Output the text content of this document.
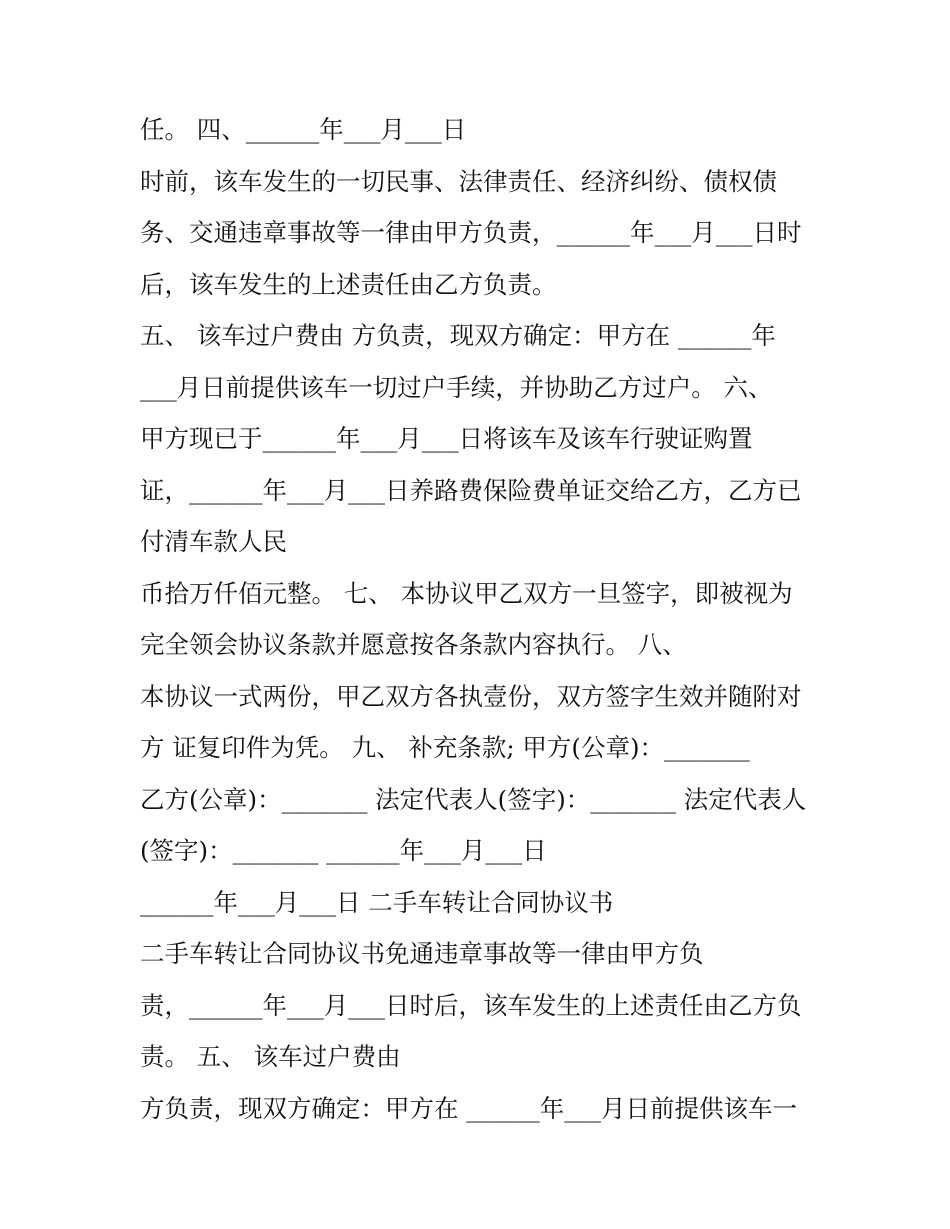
任。 四、______年___月___日
时前，该车发生的一切民事、法律责任、经济纠纷、债权债
务、交通违章事故等一律由甲方负责，______年___月___日时
后，该车发生的上述责任由乙方负责。
五、 该车过户费由 方负责，现双方确定：甲方在 ______年
___月日前提供该车一切过户手续，并协助乙方过户。 六、
甲方现已于______年___月___日将该车及该车行驶证购置
证，______年___月___日养路费保险费单证交给乙方，乙方已
付清车款人民
币拾万仟佰元整。 七、 本协议甲乙双方一旦签字，即被视为
完全领会协议条款并愿意按各条款内容执行。 八、
本协议一式两份，甲乙双方各执壹份，双方签字生效并随附对
方 证复印件为凭。 九、 补充条款; 甲方(公章)：_______
乙方(公章)：_______ 法定代表人(签字)：_______ 法定代表人
(签字)：_______ ______年___月___日
______年___月___日 二手车转让合同协议书
二手车转让合同协议书免通违章事故等一律由甲方负
责，______年___月___日时后，该车发生的上述责任由乙方负
责。 五、 该车过户费由
方负责，现双方确定：甲方在 ______年___月日前提供该车一
